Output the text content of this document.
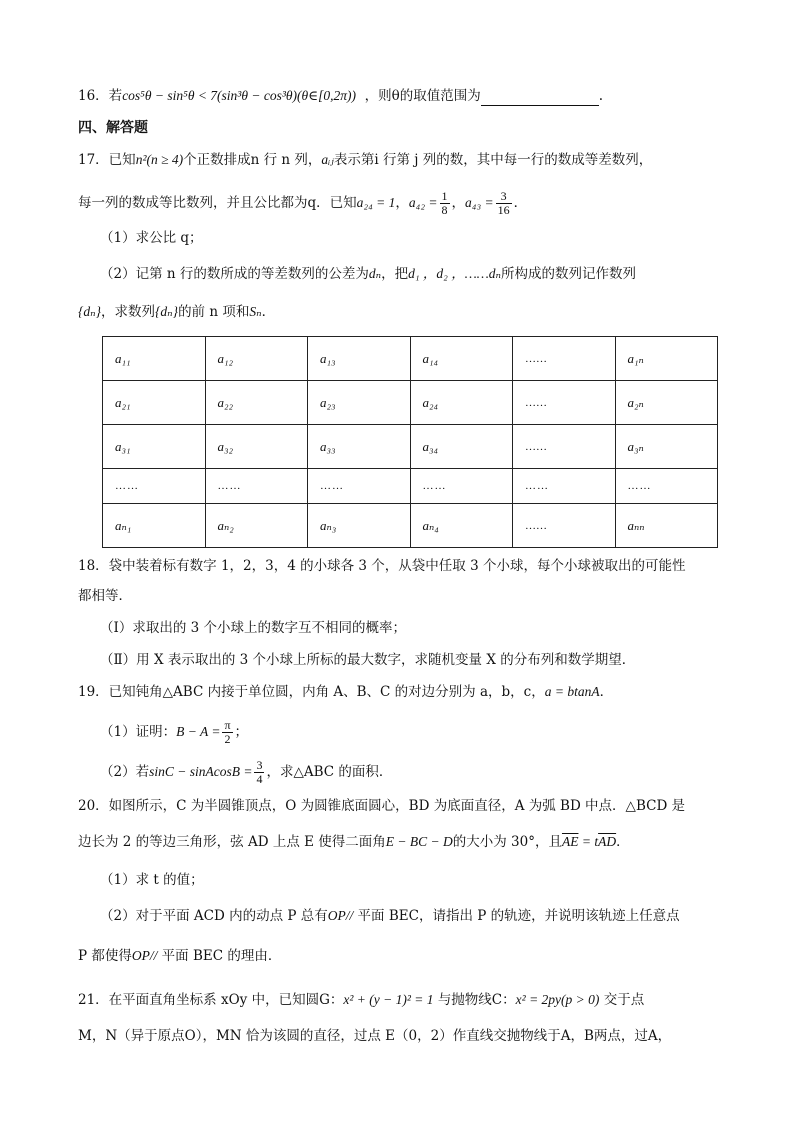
16．若cos⁵θ − sin⁵θ < 7(sin³θ − cos³θ)(θ∈[0,2π)) ，则θ的取值范围为	.
四、解答题
17．已知n²(n ≥ 4)个正数排成n 行 n 列，aᵢⱼ表示第i 行第 j 列的数，其中每一行的数成等差数列，
每一列的数成等比数列，并且公比都为q．已知a₂₄ = 1，$a_{42} = \frac{1}{8}$ ，$a_{43} = \frac{3}{16}$ ．
（1）求公比 q；
（2）记第 n 行的数所成的等差数列的公差为dₙ，把d₁ ，d₂ ，……dₙ所构成的数列记作数列
{dₙ}，求数列{dₙ}的前 n 项和Sₙ．
a₁₁	a₁₂	a₁₃	a₁₄	……	a₁ₙ
a₂₁	a₂₂	a₂₃	a₂₄	……	a₂ₙ
a₃₁	a₃₂	a₃₃	a₃₄	……	a₃ₙ
……	……	……	……	……	……
aₙ₁	aₙ₂	aₙ₃	aₙ₄	……	aₙₙ
18．袋中装着标有数字 1，2，3，4 的小球各 3 个，从袋中任取 3 个小球，每个小球被取出的可能性
都相等．
（Ⅰ）求取出的 3 个小球上的数字互不相同的概率；
（Ⅱ）用 X 表示取出的 3 个小球上所标的最大数字，求随机变量 X 的分布列和数学期望．
19．已知钝角△ABC 内接于单位圆，内角 A、B、C 的对边分别为 a，b，c，a = btanA．
（1）证明：$B - A = \frac{\pi}{2}$ ；
（2）若sinC − sinAcosB = $\frac{3}{4}$ ，求△ABC 的面积．
20．如图所示，C 为半圆锥顶点，O 为圆锥底面圆心，BD 为底面直径，A 为弧 BD 中点．△BCD 是
边长为 2 的等边三角形，弦 AD 上点 E 使得二面角E − BC − D的大小为 30°，且$\overline{AE} = t\overline{AD}$．
（1）求 t 的值；
（2）对于平面 ACD 内的动点 P 总有OP// 平面 BEC，请指出 P 的轨迹，并说明该轨迹上任意点
P 都使得OP// 平面 BEC 的理由．
21．在平面直角坐标系 xOy 中，已知圆G：x² + (y − 1)² = 1 与抛物线C：x² = 2py(p > 0) 交于点
M，N（异于原点O），MN 恰为该圆的直径，过点 E（0，2）作直线交抛物线于A，B两点，过A，
